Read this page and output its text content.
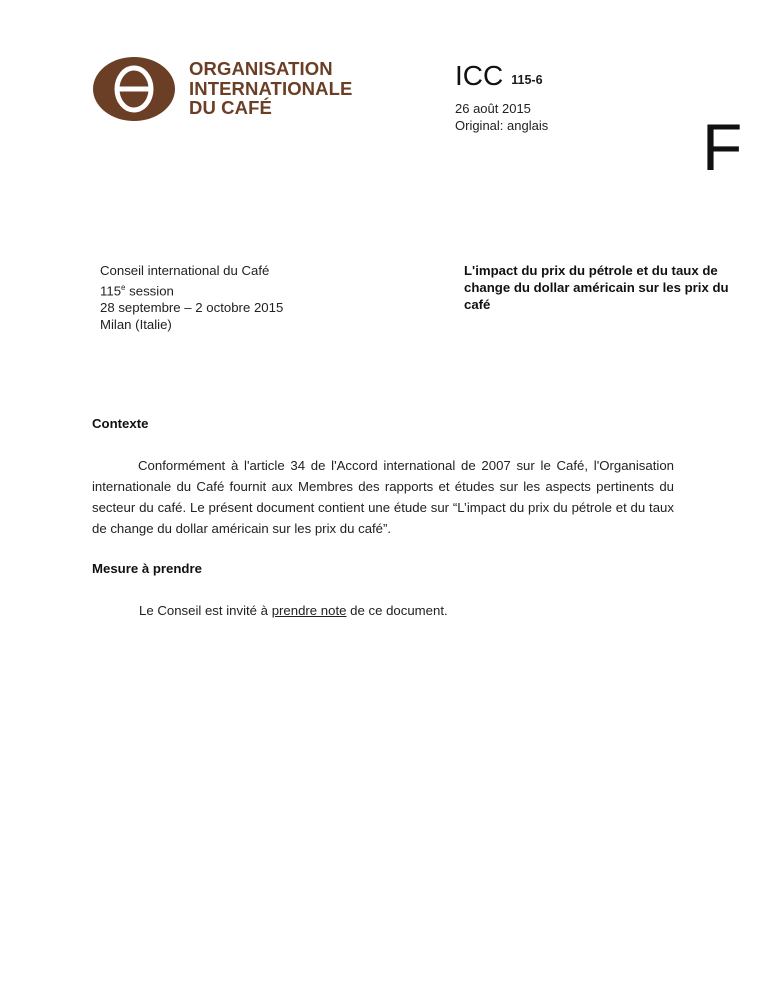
ORGANISATION
INTERNATIONALE
DU CAFÉ
ICC 115-6
26 août 2015
Original: anglais F
Conseil international du Café
115e session
28 septembre – 2 octobre 2015
Milan (Italie)
L'impact du prix du pétrole et du taux de change du dollar américain sur les prix du café
Contexte
Conformément à l'article 34 de l'Accord international de 2007 sur le Café, l'Organisation internationale du Café fournit aux Membres des rapports et études sur les aspects pertinents du secteur du café. Le présent document contient une étude sur “L’impact du prix du pétrole et du taux de change du dollar américain sur les prix du café”.
Mesure à prendre
Le Conseil est invité à prendre note de ce document.
